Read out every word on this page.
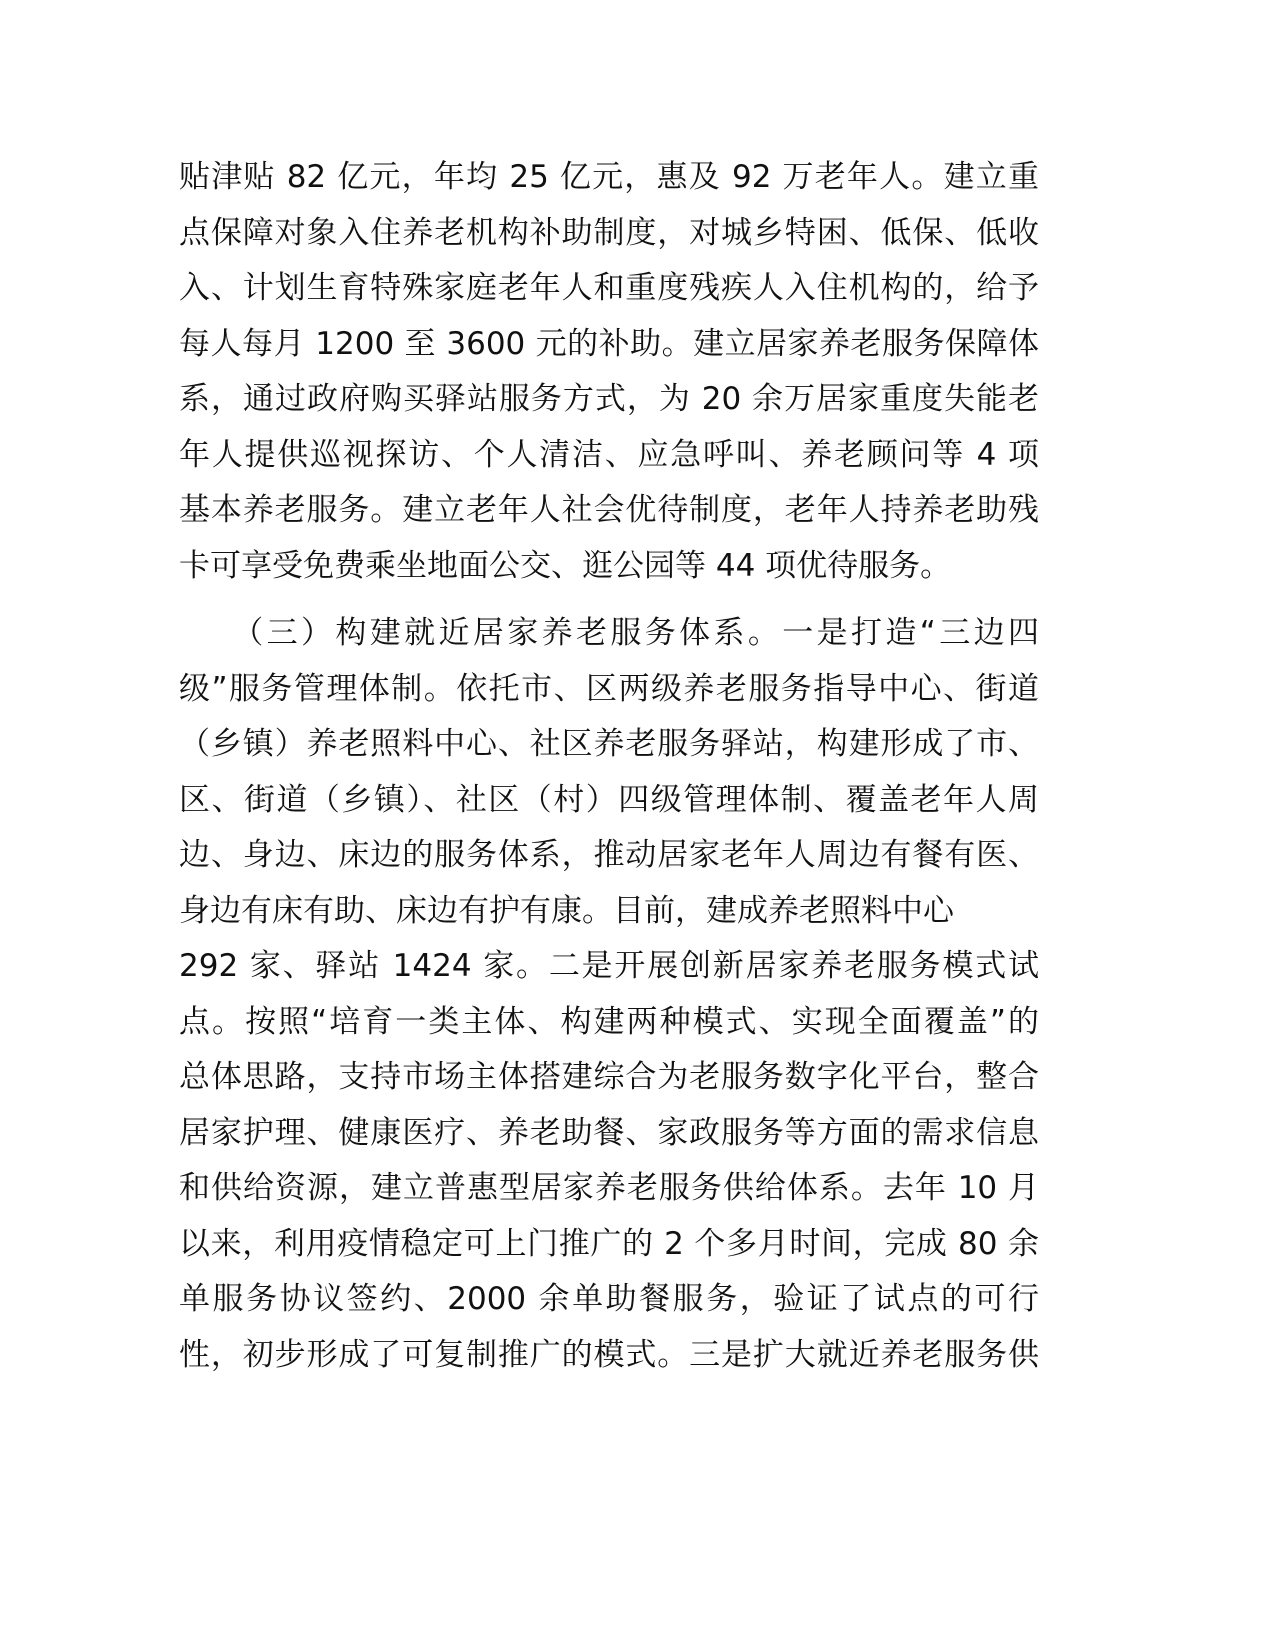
贴津贴 82 亿元，年均 25 亿元，惠及 92 万老年人。建立重
点保障对象入住养老机构补助制度，对城乡特困、低保、低收
入、计划生育特殊家庭老年人和重度残疾人入住机构的，给予
每人每月 1200 至 3600 元的补助。建立居家养老服务保障体
系，通过政府购买驿站服务方式，为 20 余万居家重度失能老
年人提供巡视探访、个人清洁、应急呼叫、养老顾问等 4 项
基本养老服务。建立老年人社会优待制度，老年人持养老助残
卡可享受免费乘坐地面公交、逛公园等 44 项优待服务。
　　（三）构建就近居家养老服务体系。一是打造“三边四
级”服务管理体制。依托市、区两级养老服务指导中心、街道
（乡镇）养老照料中心、社区养老服务驿站，构建形成了市、
区、街道（乡镇）、社区（村）四级管理体制、覆盖老年人周
边、身边、床边的服务体系，推动居家老年人周边有餐有医、
身边有床有助、床边有护有康。目前，建成养老照料中心
292 家、驿站 1424 家。二是开展创新居家养老服务模式试
点。按照“培育一类主体、构建两种模式、实现全面覆盖”的
总体思路，支持市场主体搭建综合为老服务数字化平台，整合
居家护理、健康医疗、养老助餐、家政服务等方面的需求信息
和供给资源，建立普惠型居家养老服务供给体系。去年 10 月
以来，利用疫情稳定可上门推广的 2 个多月时间，完成 80 余
单服务协议签约、2000 余单助餐服务，验证了试点的可行
性，初步形成了可复制推广的模式。三是扩大就近养老服务供
